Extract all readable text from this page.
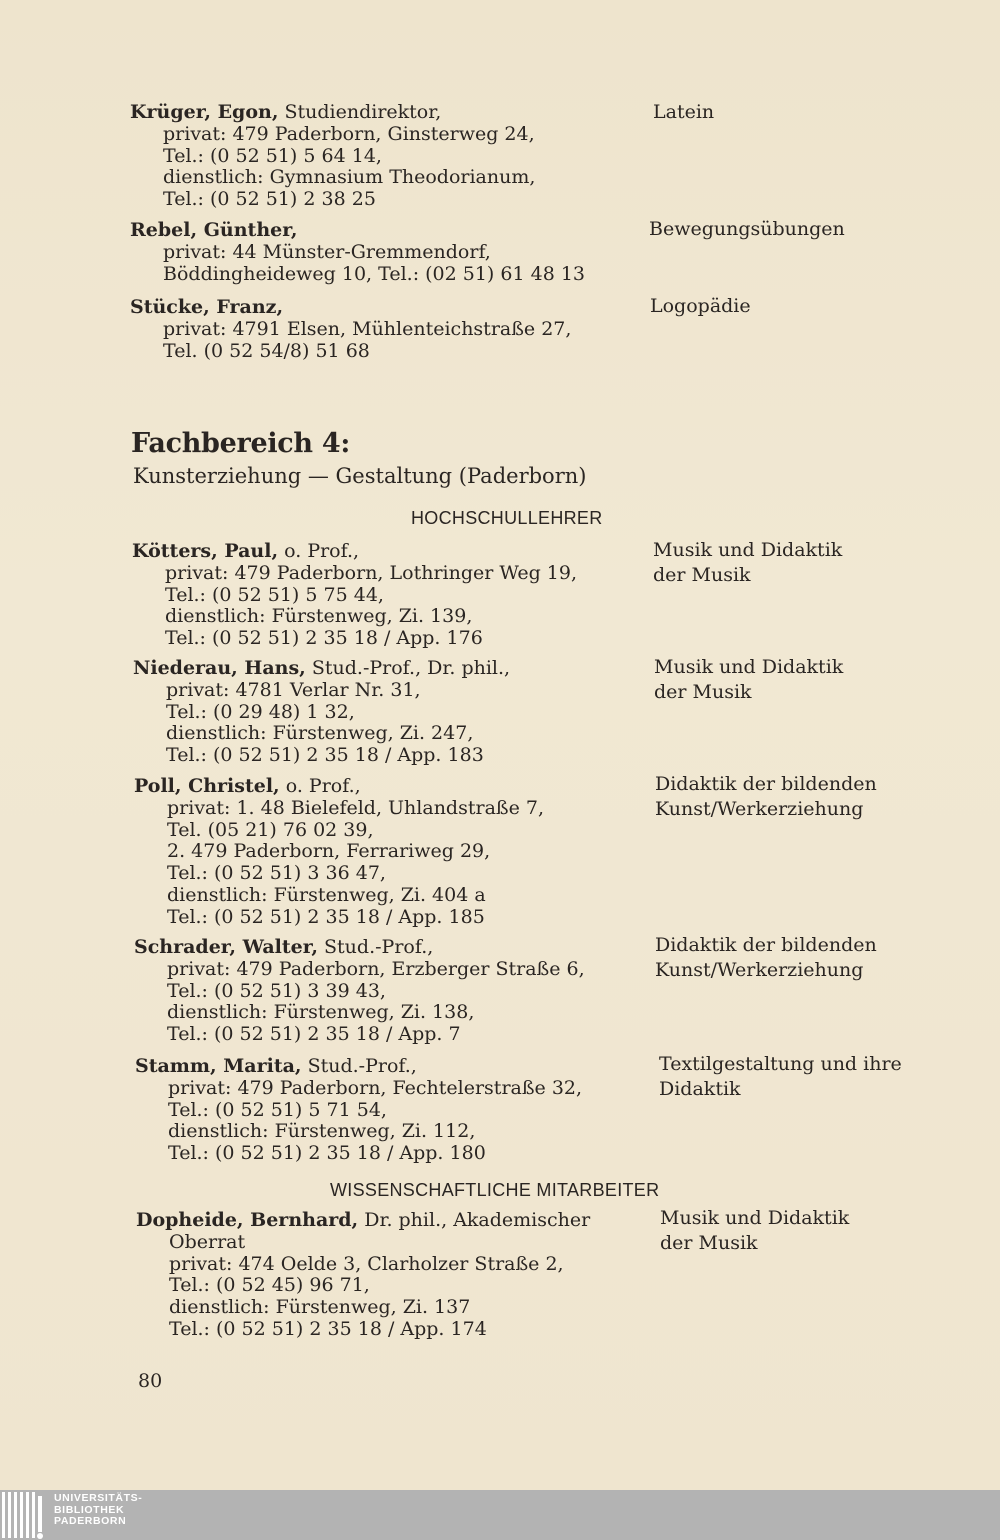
Krüger, Egon, Studiendirektor,
privat: 479 Paderborn, Ginsterweg 24,
Tel.: (0 52 51) 5 64 14,
dienstlich: Gymnasium Theodorianum,
Tel.: (0 52 51) 2 38 25
Latein
Rebel, Günther,
privat: 44 Münster-Gremmendorf,
Böddingheideweg 10, Tel.: (02 51) 61 48 13
Bewegungsübungen
Stücke, Franz,
privat: 4791 Elsen, Mühlenteichstraße 27,
Tel. (0 52 54/8) 51 68
Logopädie
Fachbereich 4:
Kunsterziehung — Gestaltung (Paderborn)
HOCHSCHULLEHRER
Kötters, Paul, o. Prof.,
privat: 479 Paderborn, Lothringer Weg 19,
Tel.: (0 52 51) 5 75 44,
dienstlich: Fürstenweg, Zi. 139,
Tel.: (0 52 51) 2 35 18 / App. 176
Musik und Didaktik
der Musik
Niederau, Hans, Stud.-Prof., Dr. phil.,
privat: 4781 Verlar Nr. 31,
Tel.: (0 29 48) 1 32,
dienstlich: Fürstenweg, Zi. 247,
Tel.: (0 52 51) 2 35 18 / App. 183
Musik und Didaktik
der Musik
Poll, Christel, o. Prof.,
privat: 1. 48 Bielefeld, Uhlandstraße 7,
Tel. (05 21) 76 02 39,
2. 479 Paderborn, Ferrariweg 29,
Tel.: (0 52 51) 3 36 47,
dienstlich: Fürstenweg, Zi. 404 a
Tel.: (0 52 51) 2 35 18 / App. 185
Didaktik der bildenden
Kunst/Werkerziehung
Schrader, Walter, Stud.-Prof.,
privat: 479 Paderborn, Erzberger Straße 6,
Tel.: (0 52 51) 3 39 43,
dienstlich: Fürstenweg, Zi. 138,
Tel.: (0 52 51) 2 35 18 / App. 7
Didaktik der bildenden
Kunst/Werkerziehung
Stamm, Marita, Stud.-Prof.,
privat: 479 Paderborn, Fechtelerstraße 32,
Tel.: (0 52 51) 5 71 54,
dienstlich: Fürstenweg, Zi. 112,
Tel.: (0 52 51) 2 35 18 / App. 180
Textilgestaltung und ihre
Didaktik
WISSENSCHAFTLICHE MITARBEITER
Dopheide, Bernhard, Dr. phil., Akademischer
Oberrat
privat: 474 Oelde 3, Clarholzer Straße 2,
Tel.: (0 52 45) 96 71,
dienstlich: Fürstenweg, Zi. 137
Tel.: (0 52 51) 2 35 18 / App. 174
Musik und Didaktik
der Musik
80
UNIVERSITÄTS-
BIBLIOTHEK
PADERBORN
